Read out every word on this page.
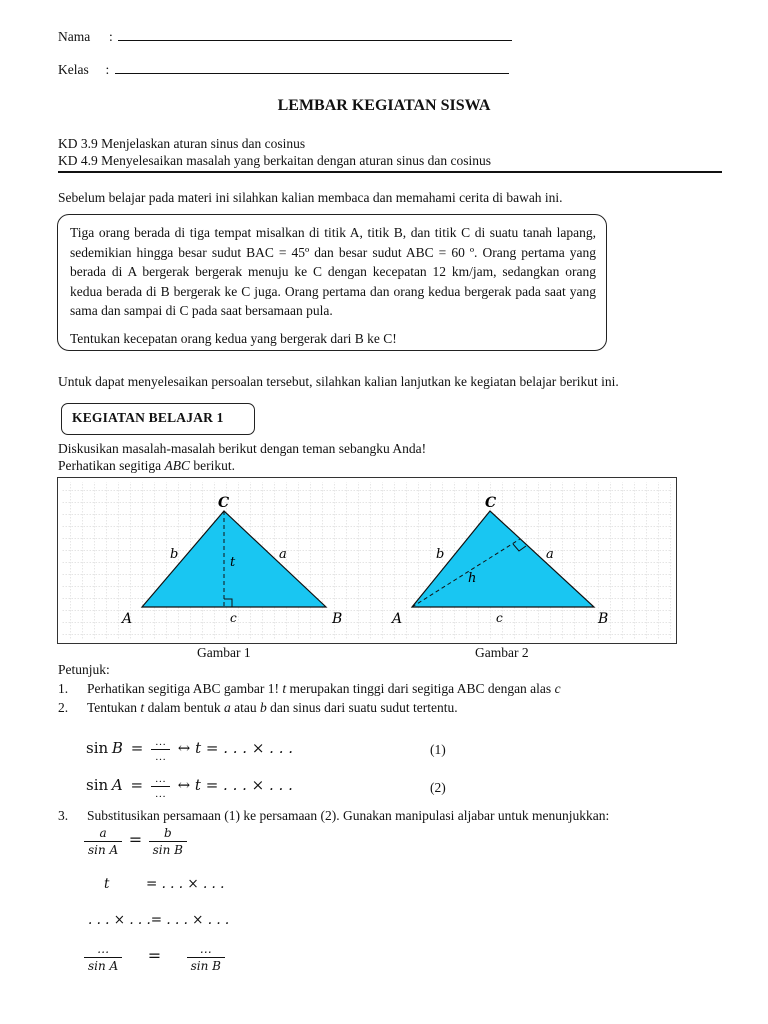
Nama :
Kelas :
LEMBAR KEGIATAN SISWA
KD 3.9 Menjelaskan aturan sinus dan cosinus
KD 4.9 Menyelesaikan masalah yang berkaitan dengan aturan sinus dan cosinus
Sebelum belajar pada materi ini silahkan kalian membaca dan memahami cerita di bawah ini.

Tiga orang berada di tiga tempat misalkan di titik A, titik B, dan titik C di suatu tanah lapang, sedemikian hingga besar sudut BAC = 45º dan besar sudut ABC = 60 º. Orang pertama yang berada di A bergerak bergerak menuju ke C dengan kecepatan 12 km/jam, sedangkan orang kedua berada di B bergerak ke C juga. Orang pertama dan orang kedua bergerak pada saat yang sama dan sampai di C pada saat bersamaan pula.

Tentukan kecepatan orang kedua yang bergerak dari B ke C!

Untuk dapat menyelesaikan persoalan tersebut, silahkan kalian lanjutkan ke kegiatan belajar berikut ini.
KEGIATAN BELAJAR 1
Diskusikan masalah-masalah berikut dengan teman sebangku Anda!
Perhatikan segitiga ABC berikut.
C
A	B
b	a
t
c
C
A	B
b	a
h
c
Gambar 1	Gambar 2
Petunjuk:
1. Perhatikan segitiga ABC gambar 1! t merupakan tinggi dari segitiga ABC dengan alas c
2. Tentukan t dalam bentuk a atau b dan sinus dari suatu sudut tertentu.
$\sin B = \frac{\dots}{\dots}$ ↔ t = . . . × . . .	(1)
$\sin A = \frac{\dots}{\dots}$ ↔ t = . . . × . . .	(2)
3. Substitusikan persamaan (1) ke persamaan (2). Gunakan manipulasi aljabar untuk menunjukkan:
$\frac{a}{\text{sin A}} = \frac{b}{\text{sin B}}$
t	= . . . × . . .
. . . × . . .= . . . × . . .
$\frac{\dots}{\text{sin A}} = \frac{\dots}{\text{sin B}}$
